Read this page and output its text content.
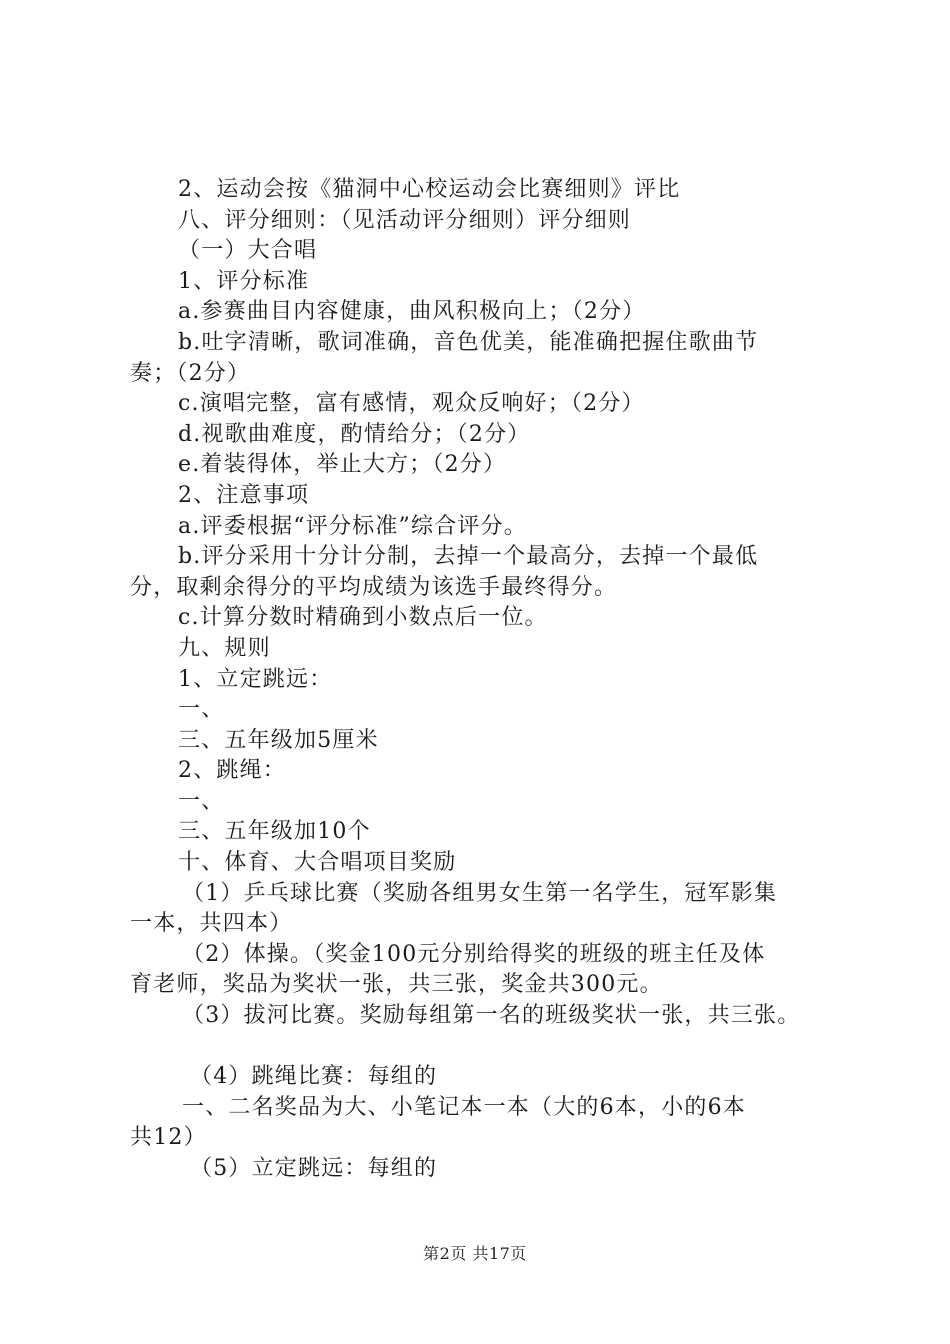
2、运动会按《猫洞中心校运动会比赛细则》评比

八、评分细则：（见活动评分细则）评分细则

（一）大合唱

1、评分标准

a.参赛曲目内容健康，曲风积极向上；（2分）

b.吐字清晰，歌词准确，音色优美，能准确把握住歌曲节

奏；（2分）

c.演唱完整，富有感情，观众反响好；（2分）

d.视歌曲难度，酌情给分；（2分）

e.着装得体，举止大方；（2分）

2、注意事项

a.评委根据“评分标准”综合评分。

b.评分采用十分计分制，去掉一个最高分，去掉一个最低

分，取剩余得分的平均成绩为该选手最终得分。

c.计算分数时精确到小数点后一位。

九、规则

1、立定跳远：

一、

三、五年级加5厘米

2、跳绳：

一、

三、五年级加10个

十、体育、大合唱项目奖励

（1）乒乓球比赛（奖励各组男女生第一名学生，冠军影集

一本，共四本）

（2）体操。（奖金100元分别给得奖的班级的班主任及体

育老师，奖品为奖状一张，共三张，奖金共300元。

（3）拔河比赛。奖励每组第一名的班级奖状一张，共三张。

（4）跳绳比赛：每组的

一、二名奖品为大、小笔记本一本（大的6本，小的6本

共12）

（5）立定跳远：每组的

第2页 共17页
